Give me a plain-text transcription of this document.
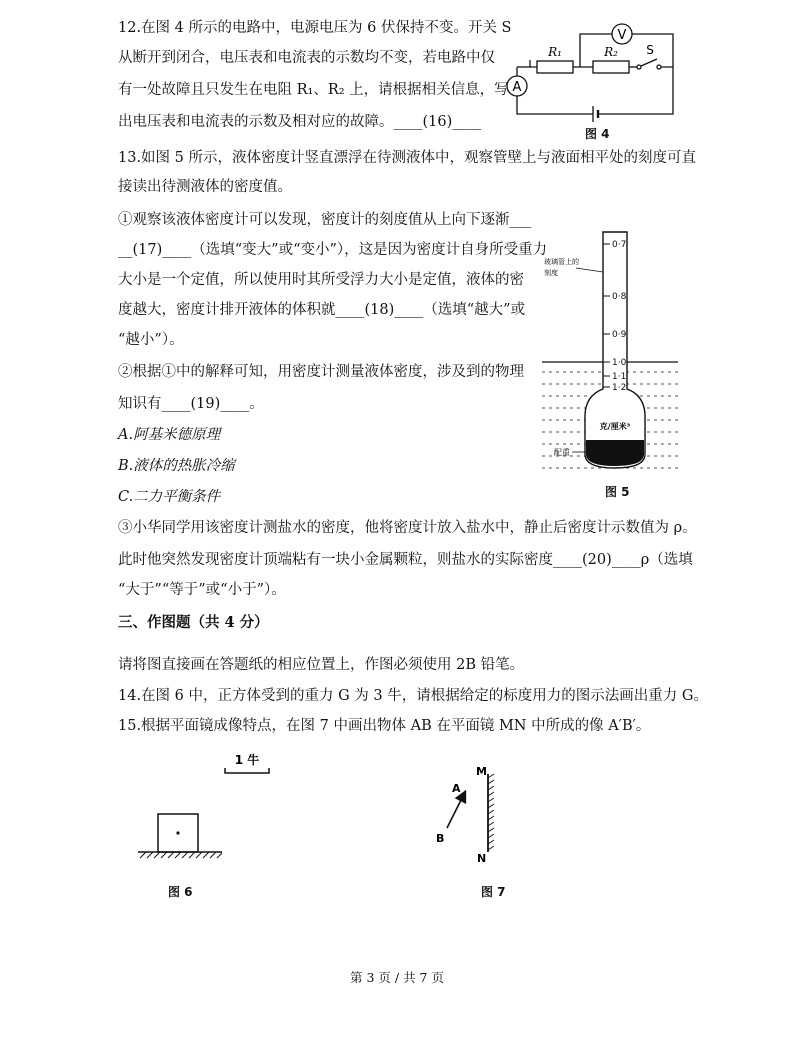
12.在图 4 所示的电路中，电源电压为 6 伏保持不变。开关 S
从断开到闭合，电压表和电流表的示数均不变，若电路中仅
有一处故障且只发生在电阻 R₁、R₂ 上，请根据相关信息，写
出电压表和电流表的示数及相对应的故障。____(16)____
V
A
R₁	R₂ S
图 4
13.如图 5 所示，液体密度计竖直漂浮在待测液体中，观察管壁上与液面相平处的刻度可直
接读出待测液体的密度值。
①观察该液体密度计可以发现，密度计的刻度值从上向下逐渐___
__(17)____（选填“变大”或“变小”），这是因为密度计自身所受重力
大小是一个定值，所以使用时其所受浮力大小是定值，液体的密
度越大，密度计排开液体的体积就____(18)____（选填“越大”或
“越小”）。
②根据①中的解释可知，用密度计测量液体密度，涉及到的物理
知识有____(19)____。
A.阿基米德原理
B.液体的热胀冷缩
C.二力平衡条件
③小华同学用该密度计测盐水的密度，他将密度计放入盐水中，静止后密度计示数值为 ρ。
此时他突然发现密度计顶端粘有一块小金属颗粒，则盐水的实际密度____(20)____ρ（选填
“大于”“等于”或“小于”）。
0·7
0·8
0·9
1·0
1·1
1·2
克/厘米³
玻璃管上的
刻度
配重
图 5
三、作图题（共 4 分）
请将图直接画在答题纸的相应位置上，作图必须使用 2B 铅笔。
14.在图 6 中，正方体受到的重力 G 为 3 牛，请根据给定的标度用力的图示法画出重力 G。
15.根据平面镜成像特点，在图 7 中画出物体 AB 在平面镜 MN 中所成的像 A′B′。
1 牛
图 6
A
B
M
N
图 7
第 3 页 / 共 7 页
